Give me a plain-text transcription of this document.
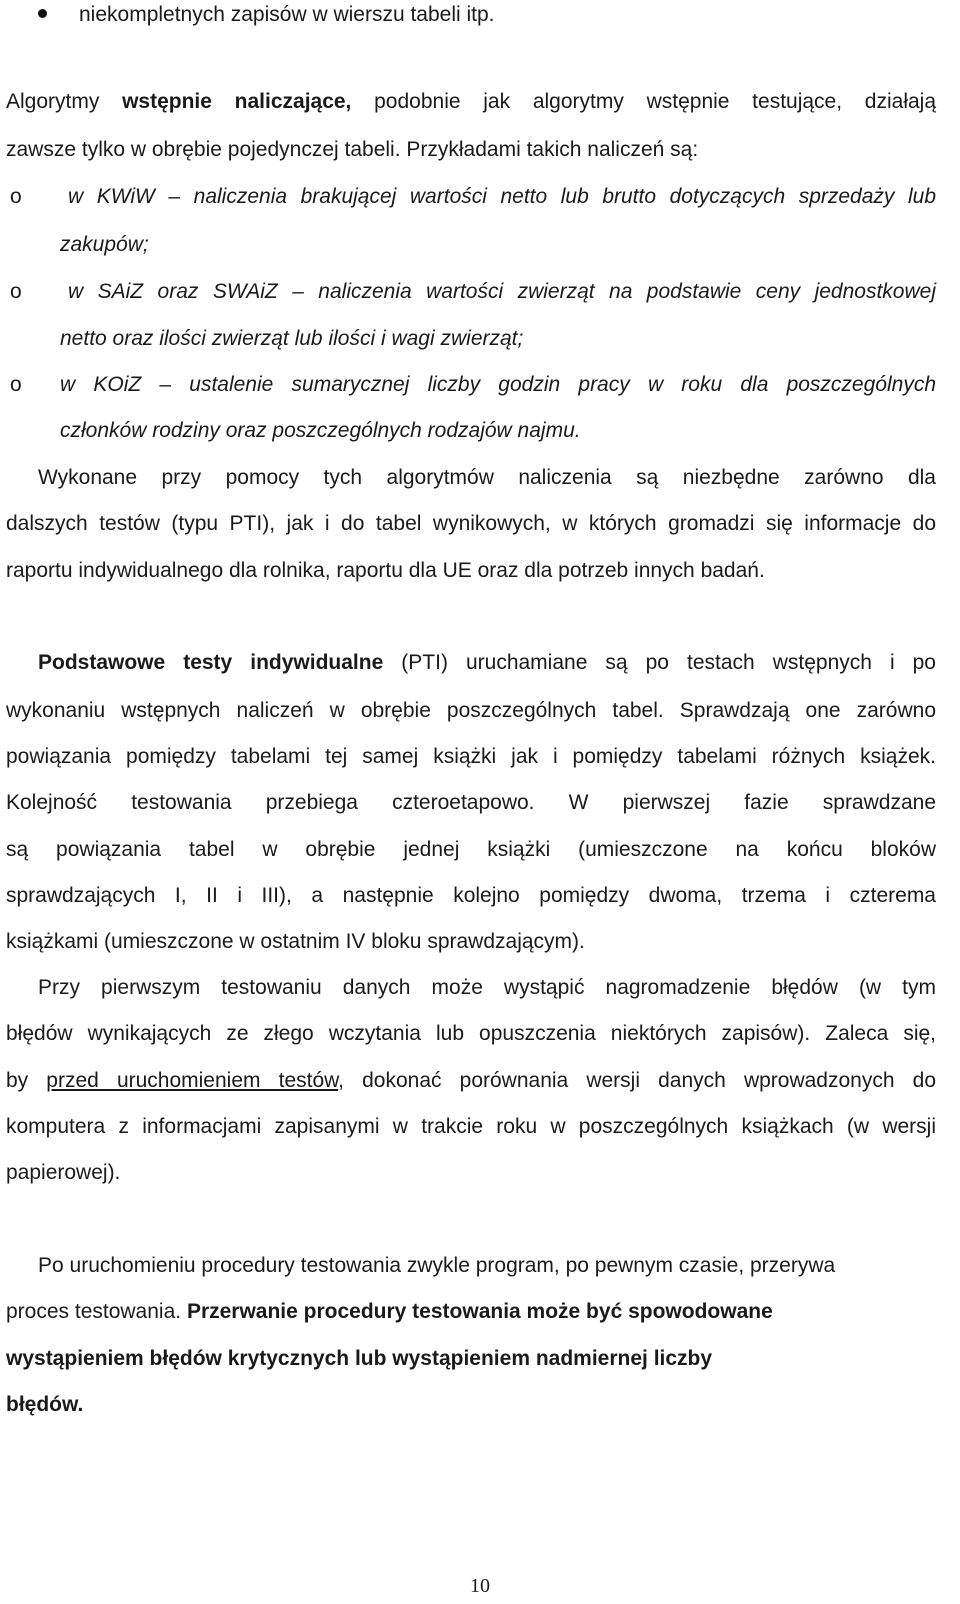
niekompletnych zapisów w wierszu tabeli itp.
Algorytmy wstępnie naliczające, podobnie jak algorytmy wstępnie testujące, działają
zawsze tylko w obrębie pojedynczej tabeli. Przykładami takich naliczeń są:
o	w KWiW – naliczenia brakującej wartości netto lub brutto dotyczących sprzedaży lub
zakupów;
o	w SAiZ oraz SWAiZ – naliczenia wartości zwierząt na podstawie ceny jednostkowej
netto oraz ilości zwierząt lub ilości i wagi zwierząt;
o	w KOiZ – ustalenie sumarycznej liczby godzin pracy w roku dla poszczególnych
członków rodziny oraz poszczególnych rodzajów najmu.
Wykonane przy pomocy tych algorytmów naliczenia są niezbędne zarówno dla
dalszych testów (typu PTI), jak i do tabel wynikowych, w których gromadzi się informacje do
raportu indywidualnego dla rolnika, raportu dla UE oraz dla potrzeb innych badań.
Podstawowe testy indywidualne (PTI) uruchamiane są po testach wstępnych i po
wykonaniu wstępnych naliczeń w obrębie poszczególnych tabel. Sprawdzają one zarówno
powiązania pomiędzy tabelami tej samej książki jak i pomiędzy tabelami różnych książek.
Kolejność testowania przebiega czteroetapowo. W pierwszej fazie sprawdzane
są powiązania tabel w obrębie jednej książki (umieszczone na końcu bloków
sprawdzających I, II i III), a następnie kolejno pomiędzy dwoma, trzema i czterema
książkami (umieszczone w ostatnim IV bloku sprawdzającym).
Przy pierwszym testowaniu danych może wystąpić nagromadzenie błędów (w tym
błędów wynikających ze złego wczytania lub opuszczenia niektórych zapisów). Zaleca się,
by przed uruchomieniem testów, dokonać porównania wersji danych wprowadzonych do
komputera z informacjami zapisanymi w trakcie roku w poszczególnych książkach (w wersji
papierowej).
Po uruchomieniu procedury testowania zwykle program, po pewnym czasie, przerywa
proces testowania. Przerwanie procedury testowania może być spowodowane
wystąpieniem błędów krytycznych lub wystąpieniem nadmiernej liczby
błędów.
10
